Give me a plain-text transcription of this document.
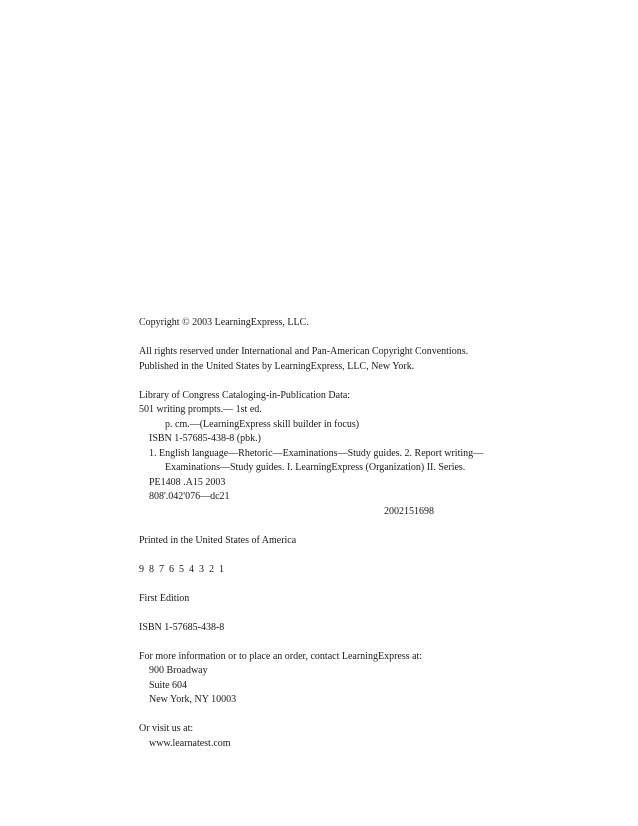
Copyright © 2003 LearningExpress, LLC.
All rights reserved under International and Pan-American Copyright Conventions.
Published in the United States by LearningExpress, LLC, New York.
Library of Congress Cataloging-in-Publication Data:
501 writing prompts.— 1st ed.
p. cm.—(LearningExpress skill builder in focus)
ISBN 1-57685-438-8 (pbk.)
1. English language—Rhetoric—Examinations—Study guides. 2. Report writing—
Examinations—Study guides. I. LearningExpress (Organization) II. Series.
PE1408 .A15 2003
808'.042'076—dc21
2002151698
Printed in the United States of America
9  8  7  6  5  4  3  2  1
First Edition
ISBN 1-57685-438-8
For more information or to place an order, contact LearningExpress at:
900 Broadway
Suite 604
New York, NY 10003
Or visit us at:
www.learnatest.com
